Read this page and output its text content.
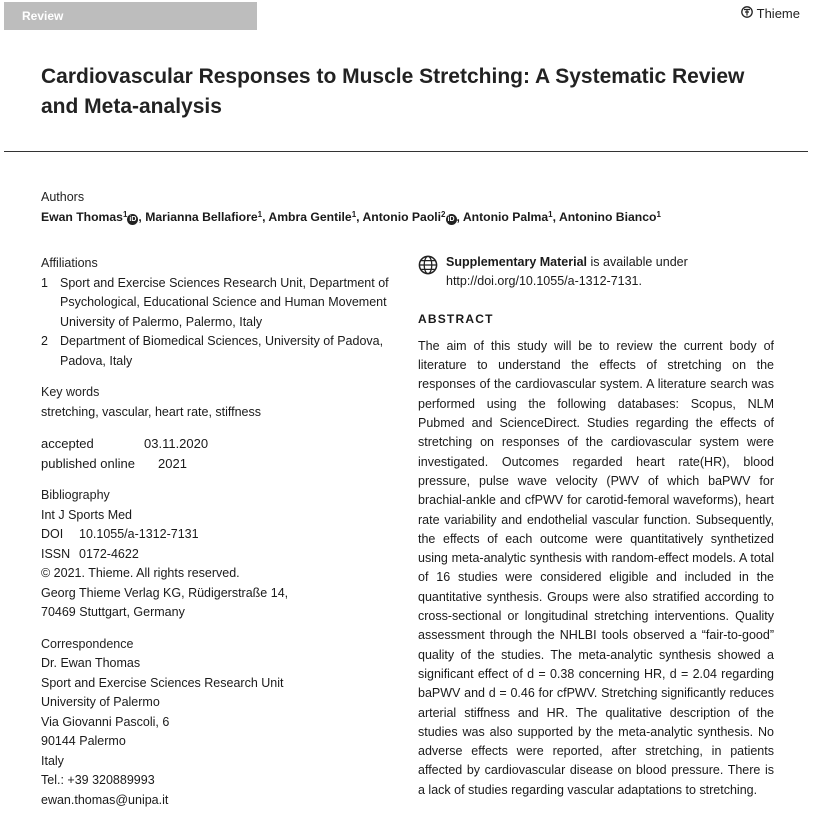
Review	Thieme
Cardiovascular Responses to Muscle Stretching: A Systematic Review and Meta-analysis
Authors
Ewan Thomas$^1$iD , Marianna Bellafiore$^1$, Ambra Gentile$^1$, Antonio Paoli$^2$iD , Antonio Palma$^1$, Antonino Bianco$^1$
Affiliations
1 Sport and Exercise Sciences Research Unit, Department of Psychological, Educational Science and Human Movement University of Palermo, Palermo, Italy
2 Department of Biomedical Sciences, University of Padova, Padova, Italy
Key words
stretching, vascular, heart rate, stiffness
accepted	03.11.2020
published online	2021
Bibliography
Int J Sports Med
DOI	10.1055/a-1312-7131
ISSN 0172-4622
© 2021. Thieme. All rights reserved.
Georg Thieme Verlag KG, Rüdigerstraße 14,
70469 Stuttgart, Germany
Correspondence
Dr. Ewan Thomas
Sport and Exercise Sciences Research Unit
University of Palermo
Via Giovanni Pascoli, 6
90144 Palermo
Italy
Tel.: +39 320889993
ewan.thomas@unipa.it
Supplementary Material is available under http://doi.org/10.1055/a-1312-7131.
ABSTRACT

The aim of this study will be to review the current body of literature to understand the effects of stretching on the responses of the cardiovascular system. A literature search was performed using the following databases: Scopus, NLM Pubmed and ScienceDirect. Studies regarding the effects of stretching on responses of the cardiovascular system were investigated. Outcomes regarded heart rate(HR), blood pressure, pulse wave velocity (PWV of which baPWV for brachial-ankle and cfPWV for carotid-femoral waveforms), heart rate variability and endothelial vascular function. Subsequently, the effects of each outcome were quantitatively synthetized using meta-analytic synthesis with random-effect models. A total of 16 studies were considered eligible and included in the quantitative synthesis. Groups were also stratified according to cross-sectional or longitudinal stretching interventions. Quality assessment through the NHLBI tools observed a “fair-to-good” quality of the studies. The meta-analytic synthesis showed a significant effect of d = 0.38 concerning HR, d = 2.04 regarding baPWV and d = 0.46 for cfPWV. Stretching significantly reduces arterial stiffness and HR. The qualitative description of the studies was also supported by the meta-analytic synthesis. No adverse effects were reported, after stretching, in patients affected by cardiovascular disease on blood pressure. There is a lack of studies regarding vascular adaptations to stretching.
